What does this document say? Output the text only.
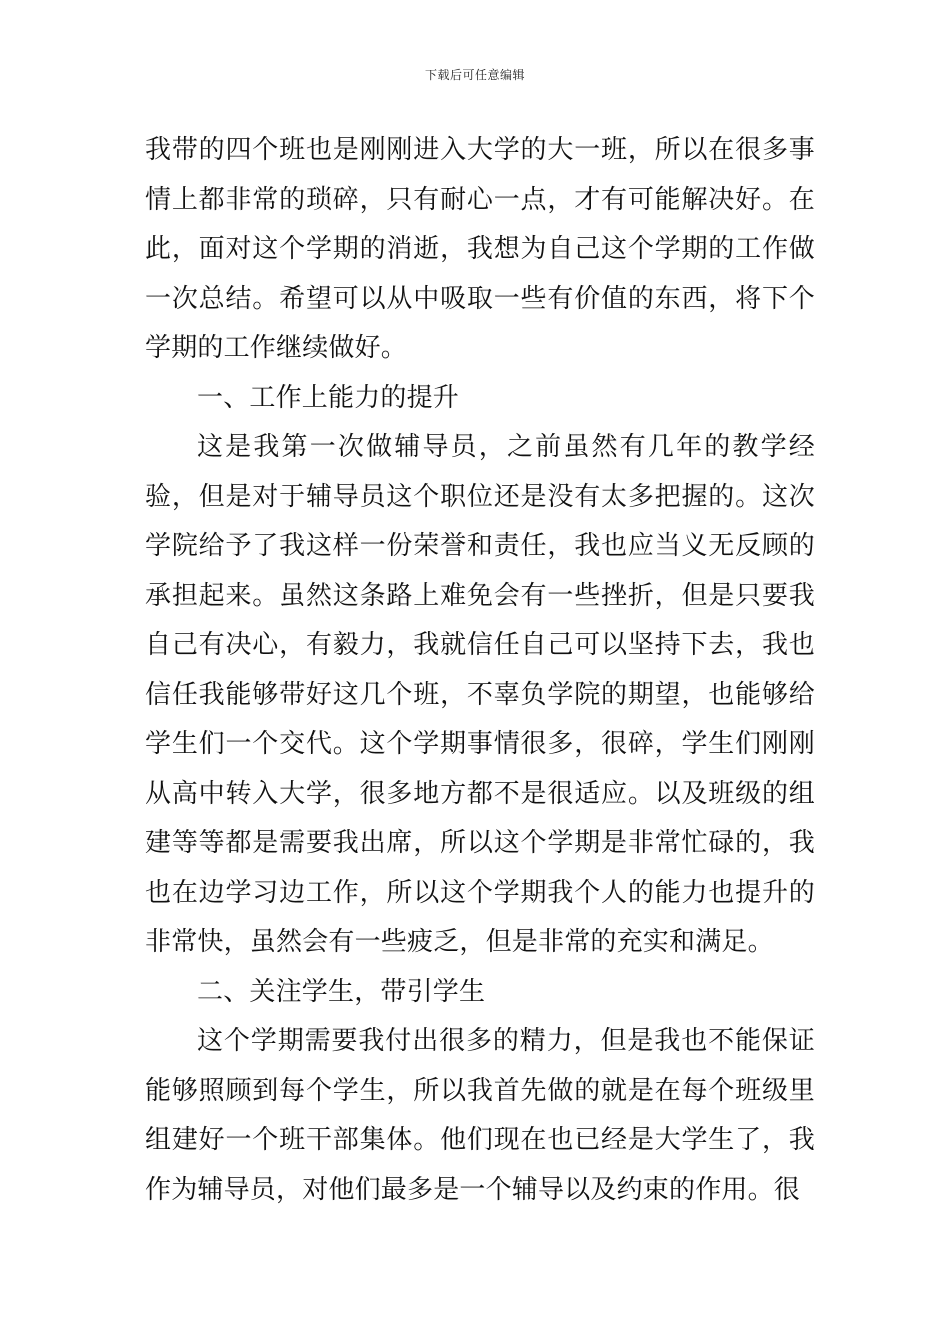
下载后可任意编辑

我带的四个班也是刚刚进入大学的大一班，所以在很多事情上都非常的琐碎，只有耐心一点，才有可能解决好。在此，面对这个学期的消逝，我想为自己这个学期的工作做一次总结。希望可以从中吸取一些有价值的东西，将下个学期的工作继续做好。

一、工作上能力的提升

这是我第一次做辅导员，之前虽然有几年的教学经验，但是对于辅导员这个职位还是没有太多把握的。这次学院给予了我这样一份荣誉和责任，我也应当义无反顾的承担起来。虽然这条路上难免会有一些挫折，但是只要我自己有决心，有毅力，我就信任自己可以坚持下去，我也信任我能够带好这几个班，不辜负学院的期望，也能够给学生们一个交代。这个学期事情很多，很碎，学生们刚刚从高中转入大学，很多地方都不是很适应。以及班级的组建等等都是需要我出席，所以这个学期是非常忙碌的，我也在边学习边工作，所以这个学期我个人的能力也提升的非常快，虽然会有一些疲乏，但是非常的充实和满足。

二、关注学生，带引学生

这个学期需要我付出很多的精力，但是我也不能保证能够照顾到每个学生，所以我首先做的就是在每个班级里组建好一个班干部集体。他们现在也已经是大学生了，我作为辅导员，对他们最多是一个辅导以及约束的作用。很
